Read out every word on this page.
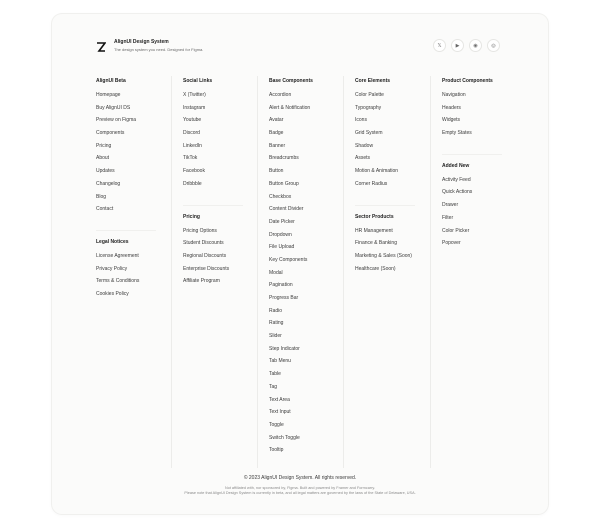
AlignUI Design System
The design system you need. Designed for Figma.
𝕏	▶	◉	◎
AlignUI Beta
Homepage
Buy AlignUI DS
Preview on Figma
Components
Pricing
About
Updates
Changelog
Blog
Contact
Legal Notices
License Agreement
Privacy Policy
Terms & Conditions
Cookies Policy
Social Links
X (Twitter)
Instagram
Youtube
Discord
LinkedIn
TikTok
Facebook
Dribbble
Pricing
Pricing Options
Student Discounts
Regional Discounts
Enterprise Discounts
Affiliate Program
Base Components
Accordion
Alert & Notification
Avatar
Badge
Banner
Breadcrumbs
Button
Button Group
Checkbox
Content Divider
Date Picker
Dropdown
File Upload
Key Components
Modal
Pagination
Progress Bar
Radio
Rating
Slider
Step Indicator
Tab Menu
Table
Tag
Text Area
Text Input
Toggle
Switch Toggle
Tooltip
Core Elements
Color Palette
Typography
Icons
Grid System
Shadow
Assets
Motion & Animation
Corner Radius
Sector Products
HR Management
Finance & Banking
Marketing & Sales (Soon)
Healthcare (Soon)
Product Components
Navigation
Headers
Widgets
Empty States
Added New
Activity Feed
Quick Actions
Drawer
Filter
Color Picker
Popover
© 2023 AlignUI Design System. All rights reserved.
Not affiliated with, nor sponsored by, Figma. Built and powered by Framer and Formcarry.
Please note that AlignUI Design System is currently in beta, and all legal matters are governed by the laws of the State of Delaware, USA.
